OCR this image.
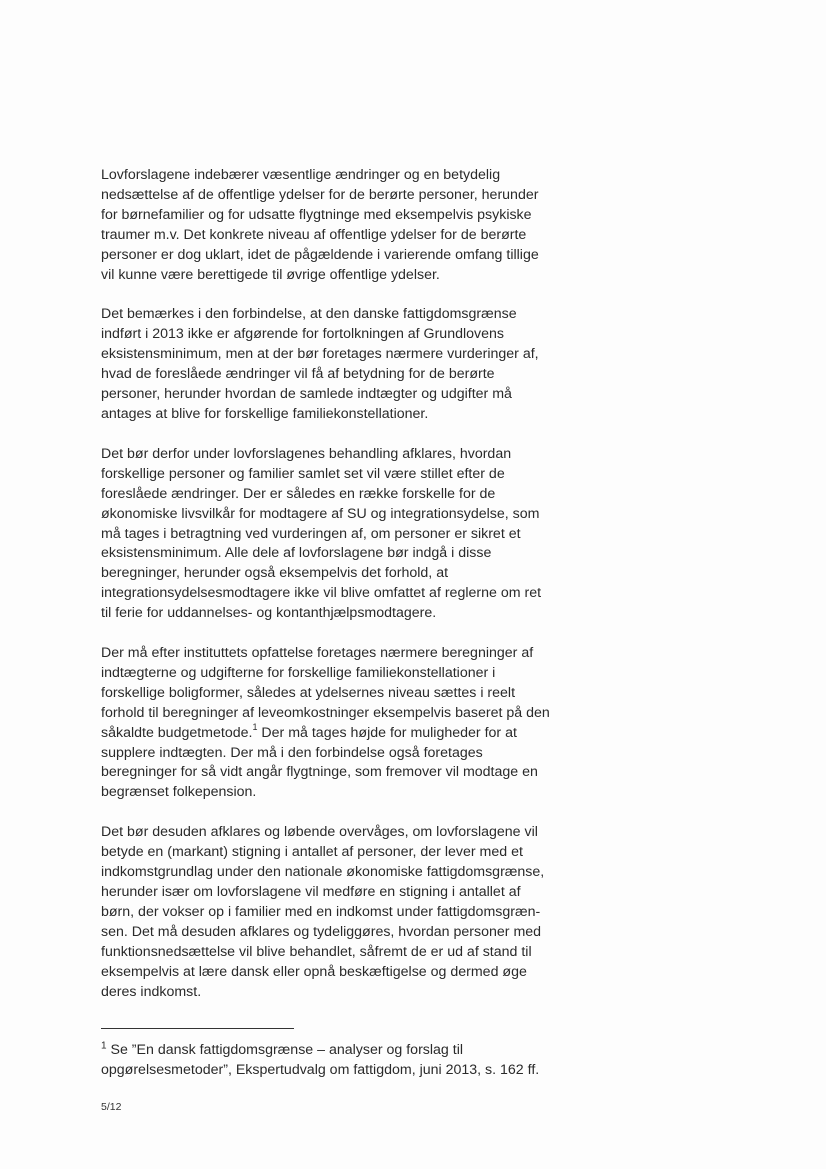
Lovforslagene indebærer væsentlige ændringer og en betydelig
nedsættelse af de offentlige ydelser for de berørte personer, herunder
for børnefamilier og for udsatte flygtninge med eksempelvis psykiske
traumer m.v. Det konkrete niveau af offentlige ydelser for de berørte
personer er dog uklart, idet de pågældende i varierende omfang tillige
vil kunne være berettigede til øvrige offentlige ydelser.

Det bemærkes i den forbindelse, at den danske fattigdomsgrænse
indført i 2013 ikke er afgørende for fortolkningen af Grundlovens
eksistensminimum, men at der bør foretages nærmere vurderinger af,
hvad de foreslåede ændringer vil få af betydning for de berørte
personer, herunder hvordan de samlede indtægter og udgifter må
antages at blive for forskellige familiekonstellationer.

Det bør derfor under lovforslagenes behandling afklares, hvordan
forskellige personer og familier samlet set vil være stillet efter de
foreslåede ændringer. Der er således en række forskelle for de
økonomiske livsvilkår for modtagere af SU og integrationsydelse, som
må tages i betragtning ved vurderingen af, om personer er sikret et
eksistensminimum. Alle dele af lovforslagene bør indgå i disse
beregninger, herunder også eksempelvis det forhold, at
integrationsydelsesmodtagere ikke vil blive omfattet af reglerne om ret
til ferie for uddannelses- og kontanthjælpsmodtagere.

Der må efter instituttets opfattelse foretages nærmere beregninger af
indtægterne og udgifterne for forskellige familiekonstellationer i
forskellige boligformer, således at ydelsernes niveau sættes i reelt
forhold til beregninger af leveomkostninger eksempelvis baseret på den
såkaldte budgetmetode.$^1$ Der må tages højde for muligheder for at
supplere indtægten. Der må i den forbindelse også foretages
beregninger for så vidt angår flygtninge, som fremover vil modtage en
begrænset folkepension.

Det bør desuden afklares og løbende overvåges, om lovforslagene vil
betyde en (markant) stigning i antallet af personer, der lever med et
indkomstgrundlag under den nationale økonomiske fattigdomsgrænse,
herunder især om lovforslagene vil medføre en stigning i antallet af
børn, der vokser op i familier med en indkomst under fattigdomsgræn-
sen. Det må desuden afklares og tydeliggøres, hvordan personer med
funktionsnedsættelse vil blive behandlet, såfremt de er ud af stand til
eksempelvis at lære dansk eller opnå beskæftigelse og dermed øge
deres indkomst.

$^1$ Se ”En dansk fattigdomsgrænse – analyser og forslag til
opgørelsesmetoder”, Ekspertudvalg om fattigdom, juni 2013, s. 162 ff.
5/12
